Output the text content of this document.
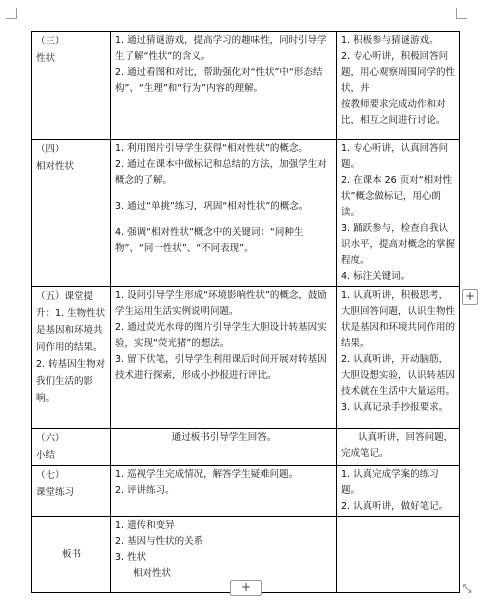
（三）
性状	1. 通过猜谜游戏，提高学习的趣味性，同时引导学生了解“性状”的含义。
2. 通过看图和对比，帮助强化对“性状”中“形态结构”、“生理”和“行为”内容的理解。	1. 积极参与猜谜游戏。
2. 专心听讲，积极回答问题，用心观察周围同学的性状，并
按教师要求完成动作和对比，相互之间进行讨论。

（四）
相对性状	1. 利用图片引导学生获得“相对性状”的概念。
2. 通过在课本中做标记和总结的方法，加强学生对概念的了解。
3. 通过“单挑”练习，巩固“相对性状”的概念。
4. 强调“相对性状”概念中的关键词：“同种生物”、“同一性状”、“不同表现”。	1. 专心听讲，认真回答问题。
2. 在课本 26 页对“相对性状”概念做标记，用心朗读。
3. 踊跃参与，检查自我认识水平，提高对概念的掌握程度。
4. 标注关键词。

（五）课堂提升：1. 生物性状是基因和环境共同作用的结果。
2. 转基因生物对我们生活的影响。	1. 设问引导学生形成“环境影响性状”的概念，鼓励学生运用生活实例说明问题。
2. 通过荧光水母的图片引导学生大胆设计转基因实验，实现“荧光猪”的想法。
3. 留下伏笔，引导学生利用课后时间开展对转基因技术进行探索，形成小抄报进行评比。	1. 认真听讲，积极思考，大胆回答问题，认识生物性状是基因和环境共同作用的结果。
2. 认真听讲，开动脑筋，大胆设想实验，认识转基因技术就在生活中大量运用。
3. 认真记录手抄报要求。

（六）
小结	通过板书引导学生回答。	认真听讲，回答问题，完成笔记。

（七）
课堂练习	1. 巡视学生完成情况，解答学生疑难问题。
2. 评讲练习。	1. 认真完成学案的练习题。
2. 认真听讲，做好笔记。

板书	1. 遗传和变异
2. 基因与性状的关系
3. 性状
相对性状	

+
+	⤡
